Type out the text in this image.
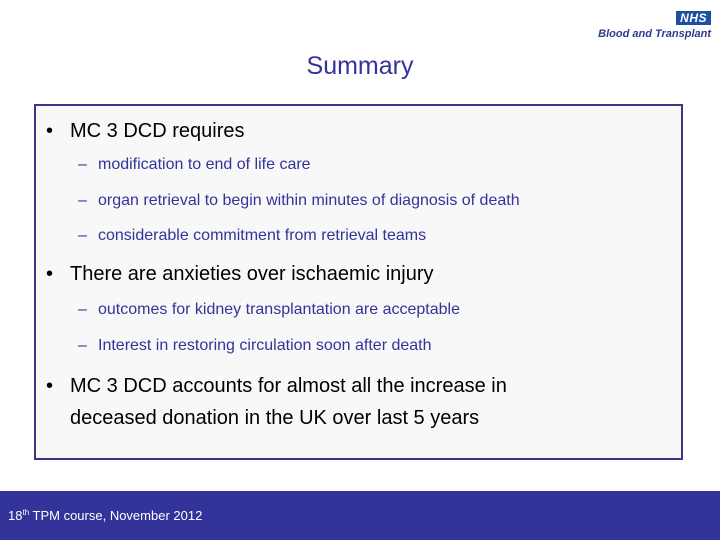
NHS
Blood and Transplant
Summary
• MC 3 DCD requires
– modification to end of life care
– organ retrieval to begin within minutes of diagnosis of death
– considerable commitment from retrieval teams
• There are anxieties over ischaemic injury
– outcomes for kidney transplantation are acceptable
– Interest in restoring circulation soon after death
• MC 3 DCD accounts for almost all the increase in
deceased donation in the UK over last 5 years
18th TPM course, November 2012
